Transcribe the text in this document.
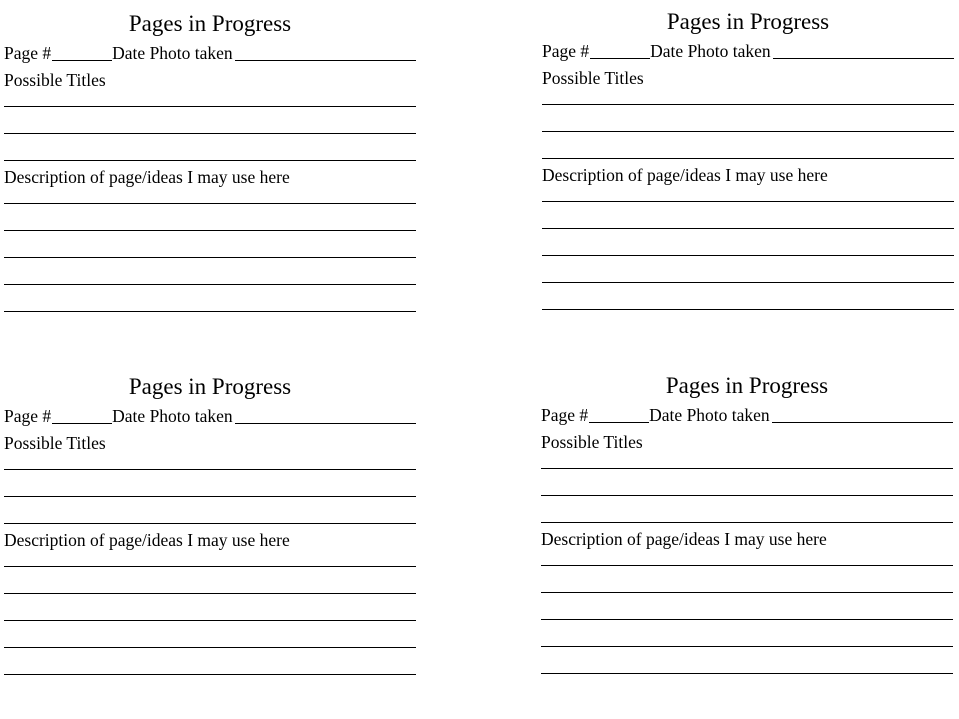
Pages in Progress
Page #	Date Photo taken
Possible Titles
Description of page/ideas I may use here
Pages in Progress
Page #	Date Photo taken
Possible Titles
Description of page/ideas I may use here
Pages in Progress
Page #	Date Photo taken
Possible Titles
Description of page/ideas I may use here
Pages in Progress
Page #	Date Photo taken
Possible Titles
Description of page/ideas I may use here
